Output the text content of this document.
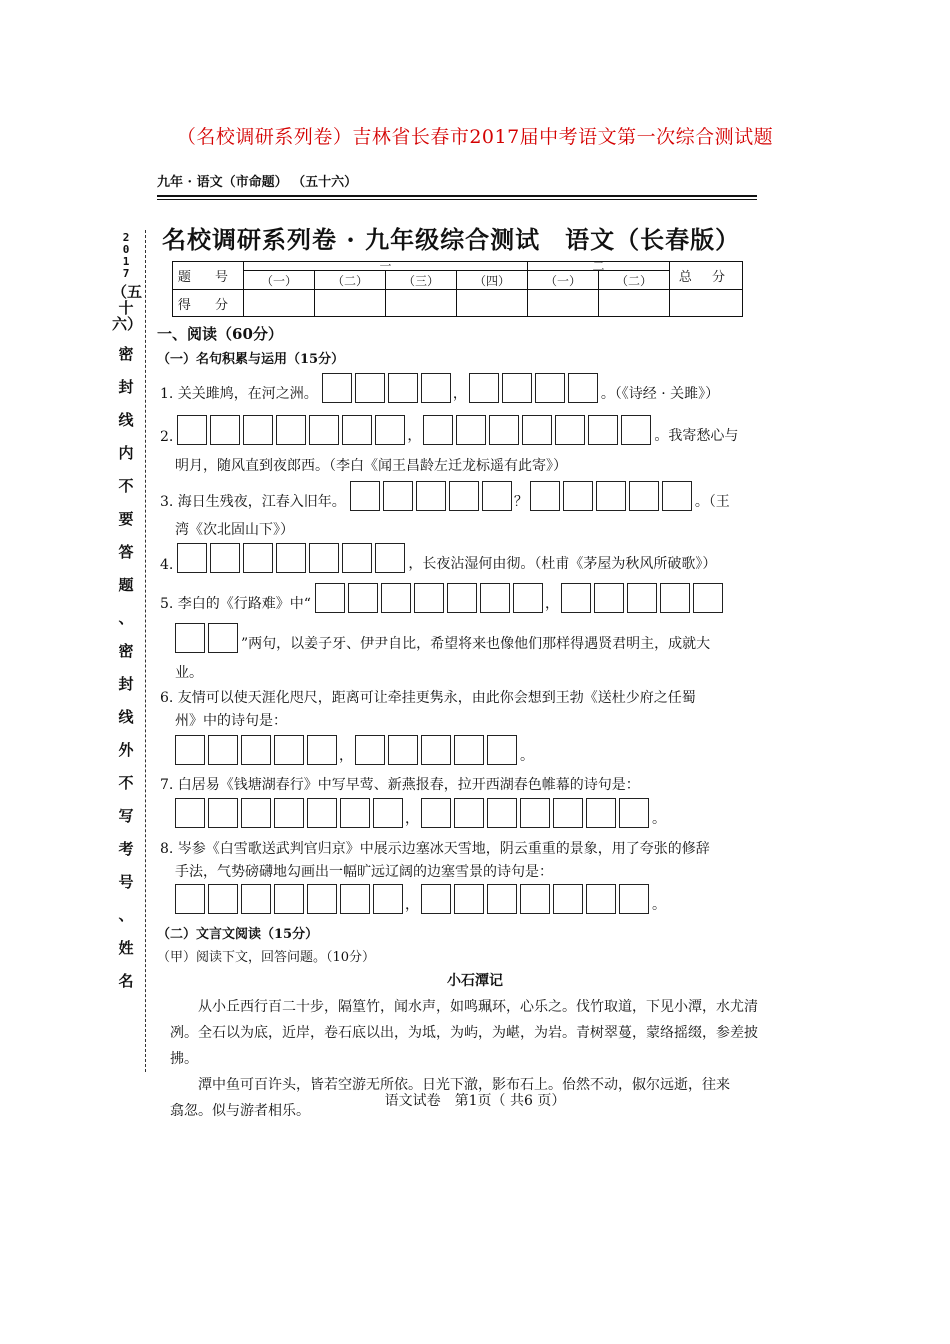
（名校调研系列卷）吉林省长春市2017届中考语文第一次综合测试题
九年 · 语文（市命题） （五十六）
2
0
1
7
（五十六）
密
封
线
内
不
要
答
题
、
密
封
线
外
不
写
考
号
、
姓
名
名校调研系列卷 · 九年级综合测试　语文（长春版）
题 号	一				二		总 分
	（一）	（二）	（三）	（四）	（一）	（二）	
得 分							
一、阅读（60分）
（一）名句积累与运用（15分）
1. 关关雎鸠，在河之洲。	，	。（《诗经 · 关雎》）
2.	，	。我寄愁心与
明月，随风直到夜郎西。（李白《闻王昌龄左迁龙标遥有此寄》）
3. 海日生残夜，江春入旧年。	？	。（王
湾《次北固山下》）
4.	，长夜沾湿何由彻。（杜甫《茅屋为秋风所破歌》）
5. 李白的《行路难》中“	，
”两句，以姜子牙、伊尹自比，希望将来也像他们那样得遇贤君明主，成就大
业。
6. 友情可以使天涯化咫尺，距离可让牵挂更隽永，由此你会想到王勃《送杜少府之任蜀
州》中的诗句是：
，	。
7. 白居易《钱塘湖春行》中写早莺、新燕报春，拉开西湖春色帷幕的诗句是：
，	。
8. 岑参《白雪歌送武判官归京》中展示边塞冰天雪地，阴云重重的景象，用了夸张的修辞
手法，气势磅礴地勾画出一幅旷远辽阔的边塞雪景的诗句是：
，	。
（二）文言文阅读（15分）
（甲）阅读下文，回答问题。（10分）
小石潭记
从小丘西行百二十步，隔篁竹，闻水声，如鸣珮环，心乐之。伐竹取道，下见小潭，水尤清
冽。全石以为底，近岸，卷石底以出，为坻，为屿，为嵁，为岩。青树翠蔓，蒙络摇缀，参差披拂。
潭中鱼可百许头，皆若空游无所依。日光下澈，影布石上。佁然不动，俶尔远逝，往来
翕忽。似与游者相乐。
语文试卷　第1页（ 共6 页）
